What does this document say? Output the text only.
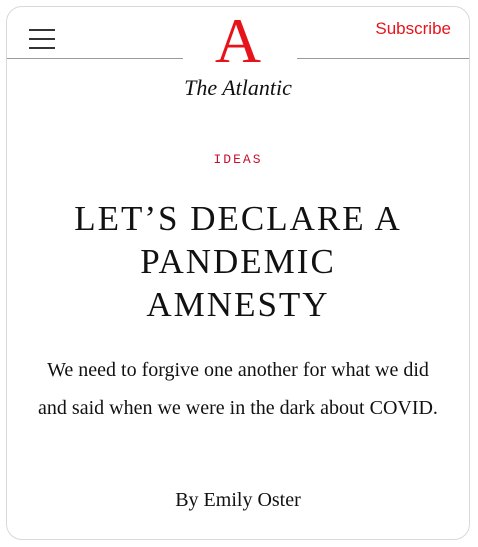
Subscribe
A
The Atlantic
IDEAS
LET’S DECLARE A
PANDEMIC
AMNESTY

We need to forgive one another for what we did and said when we were in the dark about COVID.

By Emily Oster
